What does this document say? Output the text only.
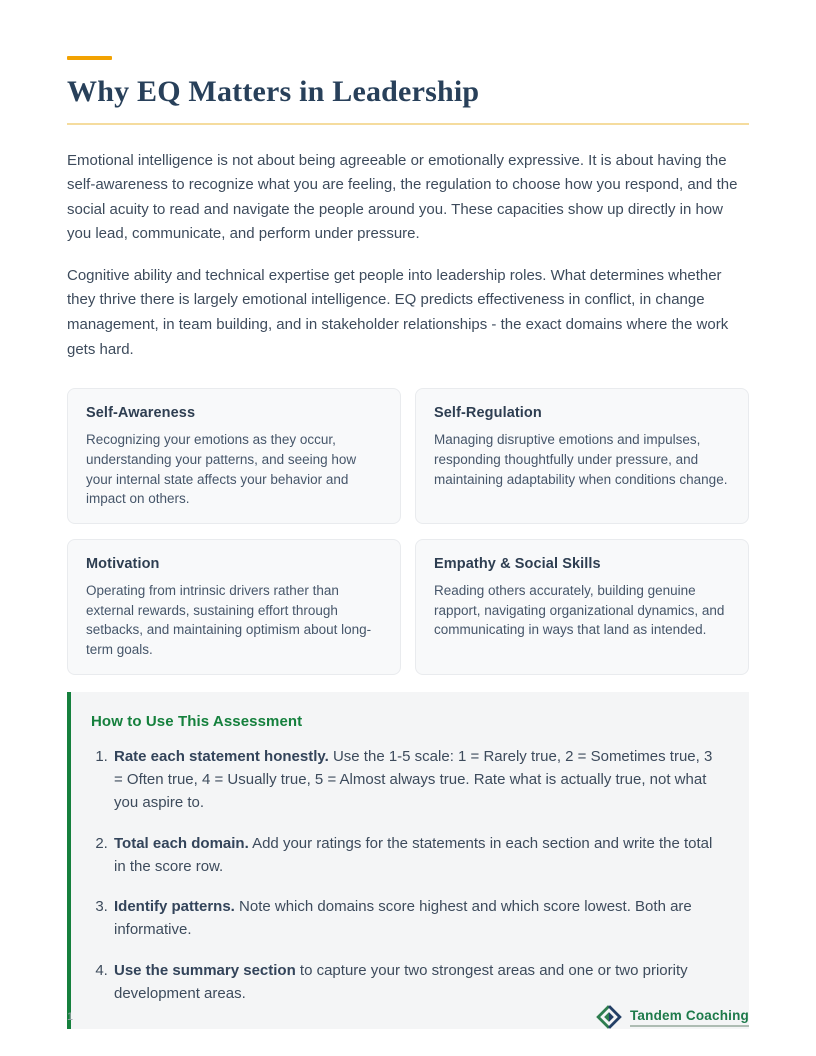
Why EQ Matters in Leadership

Emotional intelligence is not about being agreeable or emotionally expressive. It is about having the self-awareness to recognize what you are feeling, the regulation to choose how you respond, and the social acuity to read and navigate the people around you. These capacities show up directly in how you lead, communicate, and perform under pressure.

Cognitive ability and technical expertise get people into leadership roles. What determines whether they thrive there is largely emotional intelligence. EQ predicts effectiveness in conflict, in change management, in team building, and in stakeholder relationships - the exact domains where the work gets hard.

Self-Awareness

Recognizing your emotions as they occur, understanding your patterns, and seeing how your internal state affects your behavior and impact on others.

Self-Regulation

Managing disruptive emotions and impulses, responding thoughtfully under pressure, and maintaining adaptability when conditions change.

Motivation

Operating from intrinsic drivers rather than external rewards, sustaining effort through setbacks, and maintaining optimism about long-term goals.

Empathy & Social Skills

Reading others accurately, building genuine rapport, navigating organizational dynamics, and communicating in ways that land as intended.

How to Use This Assessment
1. Rate each statement honestly. Use the 1-5 scale: 1 = Rarely true, 2 = Sometimes true, 3 = Often true, 4 = Usually true, 5 = Almost always true. Rate what is actually true, not what you aspire to.
2. Total each domain. Add your ratings for the statements in each section and write the total in the score row.
3. Identify patterns. Note which domains score highest and which score lowest. Both are informative.
4. Use the summary section to capture your two strongest areas and one or two priority development areas.
1	Tandem Coaching
